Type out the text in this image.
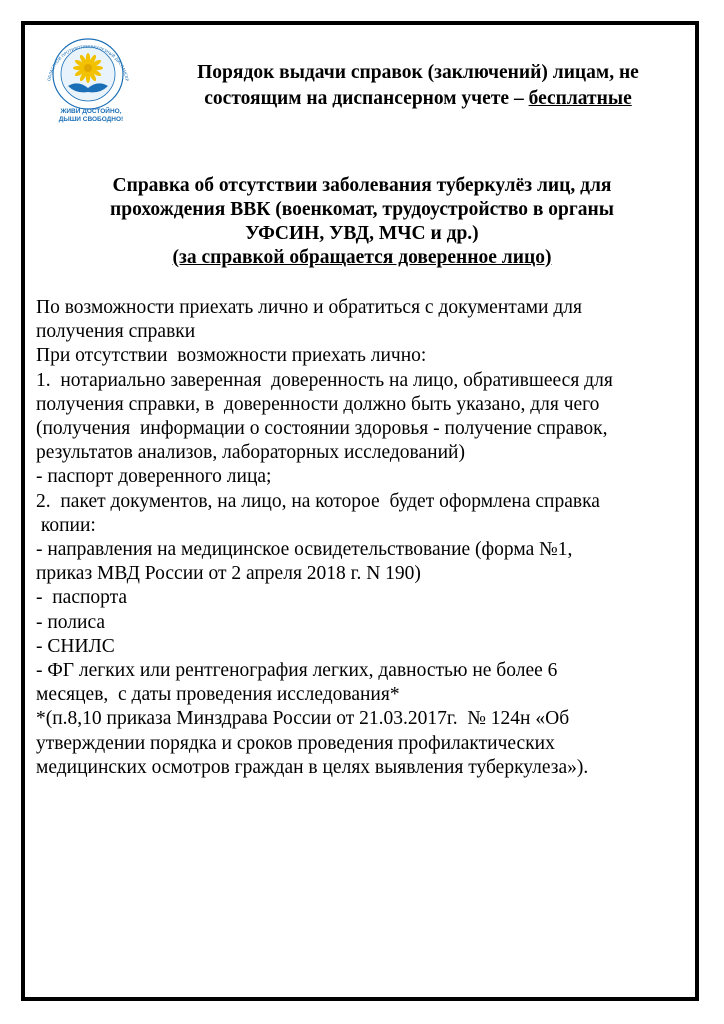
ОБЛАСТНОЙ ПРОТИВОТУБЕРКУЛЕЗНЫЙ ДИСПАНСЕР
ЖИВИ ДОСТОЙНО,
ДЫШИ СВОБОДНО!
Порядок выдачи справок (заключений) лицам, не
состоящим на диспансерном учете – бесплатные
Справка об отсутствии заболевания туберкулёз лиц, для
прохождения ВВК (военкомат, трудоустройство в органы
УФСИН, УВД, МЧС и др.)
(за справкой обращается доверенное лицо)

По возможности приехать лично и обратиться с документами для

получения справки

При отсутствии  возможности приехать лично:

1.  нотариально заверенная  доверенность на лицо, обратившееся для

получения справки, в  доверенности должно быть указано, для чего

(получения  информации о состоянии здоровья - получение справок,

результатов анализов, лабораторных исследований)

- паспорт доверенного лица;

2.  пакет документов, на лицо, на которое  будет оформлена справка

копии:

- направления на медицинское освидетельствование (форма №1,

приказ МВД России от 2 апреля 2018 г. N 190)

-  паспорта

- полиса

- СНИЛС

- ФГ легких или рентгенография легких, давностью не более 6

месяцев,  с даты проведения исследования*

*(п.8,10 приказа Минздрава России от 21.03.2017г.  № 124н «Об

утверждении порядка и сроков проведения профилактических

медицинских осмотров граждан в целях выявления туберкулеза»).
